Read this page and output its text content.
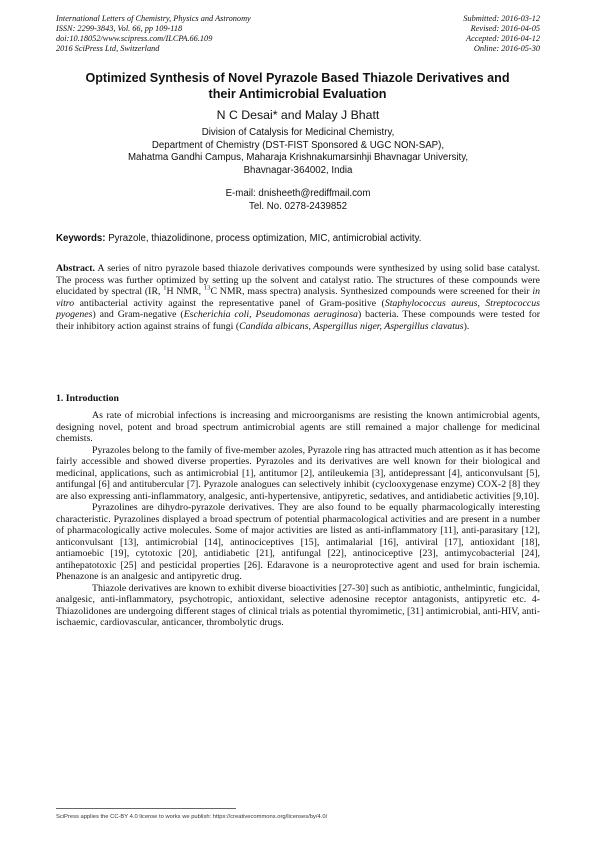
International Letters of Chemistry, Physics and Astronomy	Submitted: 2016-03-12
ISSN: 2299-3843, Vol. 66, pp 109-118	Revised: 2016-04-05
doi:10.18052/www.scipress.com/ILCPA.66.109	Accepted: 2016-04-12
2016 SciPress Ltd, Switzerland	Online: 2016-05-30
Optimized Synthesis of Novel Pyrazole Based Thiazole Derivatives and
their Antimicrobial Evaluation
N C Desai* and Malay J Bhatt
Division of Catalysis for Medicinal Chemistry,
Department of Chemistry (DST-FIST Sponsored & UGC NON-SAP),
Mahatma Gandhi Campus, Maharaja Krishnakumarsinhji Bhavnagar University,
Bhavnagar-364002, India
E-mail: dnisheeth@rediffmail.com
Tel. No. 0278-2439852
Keywords: Pyrazole, thiazolidinone, process optimization, MIC, antimicrobial activity.
Abstract. A series of nitro pyrazole based thiazole derivatives compounds were synthesized by using solid base catalyst. The process was further optimized by setting up the solvent and catalyst ratio. The structures of these compounds were elucidated by spectral (IR, $^1$H NMR, $^{13}$C NMR, mass spectra) analysis. Synthesized compounds were screened for their in vitro antibacterial activity against the representative panel of Gram-positive (Staphylococcus aureus, Streptococcus pyogenes) and Gram-negative (Escherichia coli, Pseudomonas aeruginosa) bacteria. These compounds were tested for their inhibitory action against strains of fungi (Candida albicans, Aspergillus niger, Aspergillus clavatus).
1. Introduction

As rate of microbial infections is increasing and microorganisms are resisting the known antimicrobial agents, designing novel, potent and broad spectrum antimicrobial agents are still remained a major challenge for medicinal chemists.

Pyrazoles belong to the family of five-member azoles, Pyrazole ring has attracted much attention as it has become fairly accessible and showed diverse properties. Pyrazoles and its derivatives are well known for their biological and medicinal, applications, such as antimicrobial [1], antitumor [2], antileukemia [3], antidepressant [4], anticonvulsant [5], antifungal [6] and antitubercular [7]. Pyrazole analogues can selectively inhibit (cyclooxygenase enzyme) COX-2 [8] they are also expressing anti-inflammatory, analgesic, anti-hypertensive, antipyretic, sedatives, and antidiabetic activities [9,10].

Pyrazolines are dihydro-pyrazole derivatives. They are also found to be equally pharmacologically interesting characteristic. Pyrazolines displayed a broad spectrum of potential pharmacological activities and are present in a number of pharmacologically active molecules. Some of major activities are listed as anti-inflammatory [11], anti-parasitary [12], anticonvulsant [13], antimicrobial [14], antinociceptives [15], antimalarial [16], antiviral [17], antioxidant [18], antiamoebic [19], cytotoxic [20], antidiabetic [21], antifungal [22], antinociceptive [23], antimycobacterial [24], antihepatotoxic [25] and pesticidal properties [26]. Edaravone is a neuroprotective agent and used for brain ischemia. Phenazone is an analgesic and antipyretic drug.

Thiazole derivatives are known to exhibit diverse bioactivities [27-30] such as antibiotic, anthelmintic, fungicidal, analgesic, anti-inflammatory, psychotropic, antioxidant, selective adenosine receptor antagonists, antipyretic etc. 4-Thiazolidones are undergoing different stages of clinical trials as potential thyromimetic, [31] antimicrobial, anti-HIV, anti-ischaemic, cardiovascular, anticancer, thrombolytic drugs.

SciPress applies the CC-BY 4.0 license to works we publish: https://creativecommons.org/licenses/by/4.0/
